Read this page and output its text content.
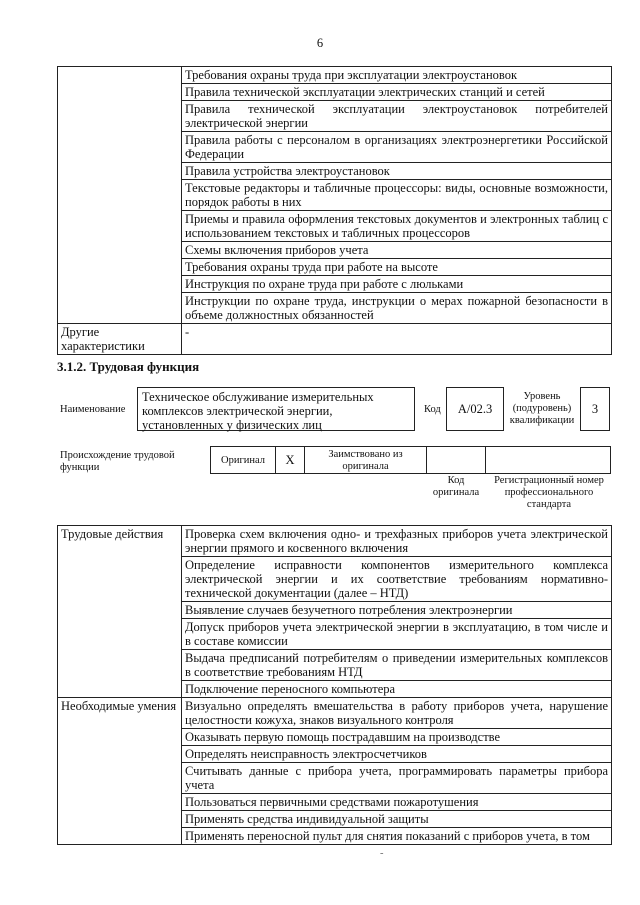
6
	Требования охраны труда при эксплуатации электроустановок
	Правила технической эксплуатации электрических станций и сетей
	Правила технической эксплуатации электроустановок потребителей электрической энергии
	Правила работы с персоналом в организациях электроэнергетики Российской Федерации
	Правила устройства электроустановок
	Текстовые редакторы и табличные процессоры: виды, основные возможности, порядок работы в них
	Приемы и правила оформления текстовых документов и электронных таблиц с использованием текстовых и табличных процессоров
	Схемы включения приборов учета
	Требования охраны труда при работе на высоте
	Инструкция по охране труда при работе с люльками
	Инструкции по охране труда, инструкции о мерах пожарной безопасности в объеме должностных обязанностей
Другие характеристики	-
3.1.2. Трудовая функция
Наименование
Техническое обслуживание измерительных комплексов электрической энергии, установленных у физических лиц
Код	А/02.3
Уровень (подуровень) квалификации
3
Происхождение трудовой функции
Оригинал	X	Заимствовано из оригинала
Код оригинала
Регистрационный номер профессионального стандарта
Трудовые действия	Проверка схем включения одно- и трехфазных приборов учета электрической энергии прямого и косвенного включения
	Определение исправности компонентов измерительного комплекса электрической энергии и их соответствие требованиям нормативно-технической документации (далее – НТД)
	Выявление случаев безучетного потребления электроэнергии
	Допуск приборов учета электрической энергии в эксплуатацию, в том числе и в составе комиссии
	Выдача предписаний потребителям о приведении измерительных комплексов в соответствие требованиям НТД
	Подключение переносного компьютера
Необходимые умения	Визуально определять вмешательства в работу приборов учета, нарушение целостности кожуха, знаков визуального контроля
	Оказывать первую помощь пострадавшим на производстве
	Определять неисправность электросчетчиков
	Считывать данные с прибора учета, программировать параметры прибора учета
	Пользоваться первичными средствами пожаротушения
	Применять средства индивидуальной защиты
	Применять переносной пульт для снятия показаний с приборов учета, в том
-
